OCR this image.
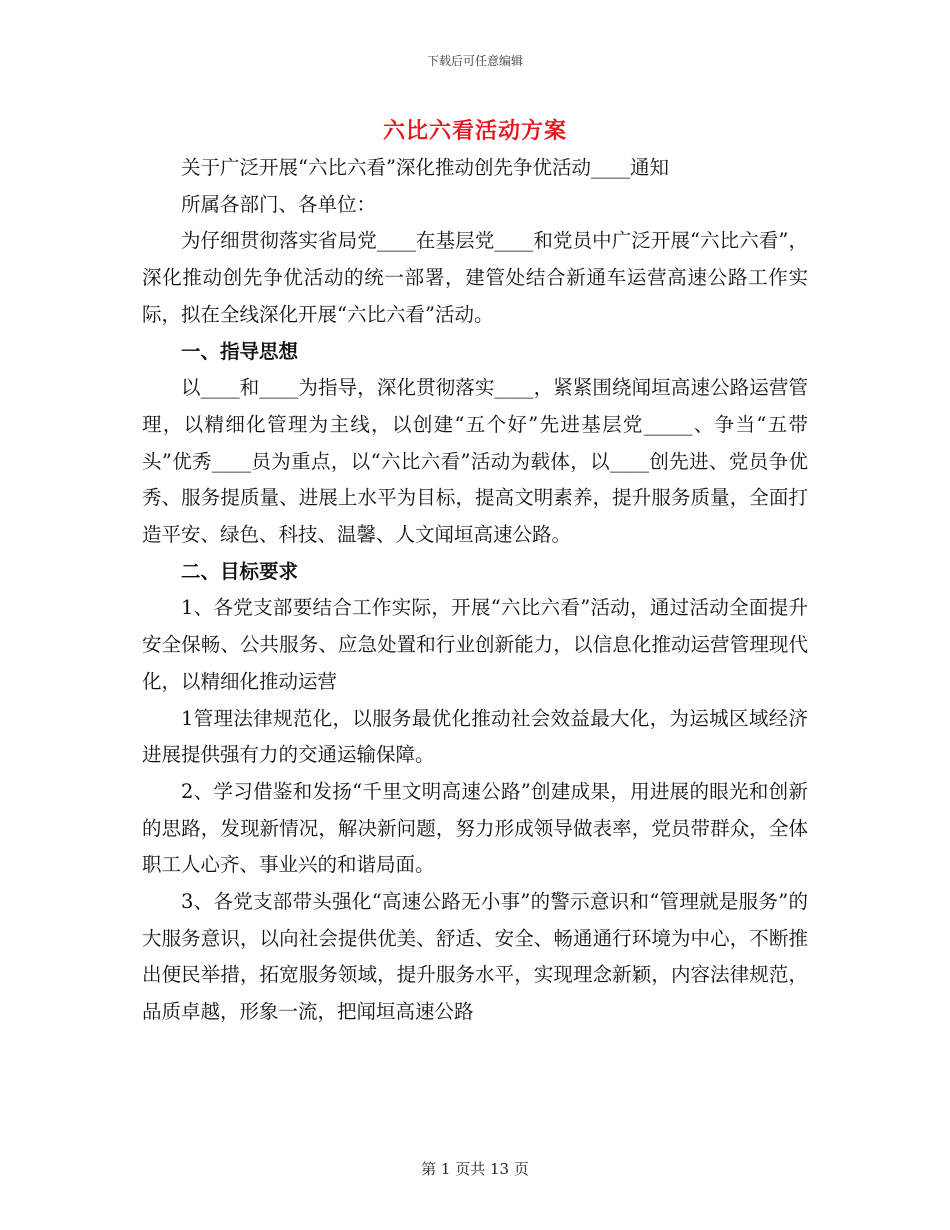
下载后可任意编辑
六比六看活动方案

关于广泛开展“六比六看”深化推动创先争优活动____通知

所属各部门、各单位：

为仔细贯彻落实省局党____在基层党____和党员中广泛开展“六比六看”，深化推动创先争优活动的统一部署，建管处结合新通车运营高速公路工作实际，拟在全线深化开展“六比六看”活动。

一、指导思想

以____和____为指导，深化贯彻落实____，紧紧围绕闻垣高速公路运营管理，以精细化管理为主线，以创建“五个好”先进基层党_____、争当“五带头”优秀____员为重点，以“六比六看”活动为载体，以____创先进、党员争优秀、服务提质量、进展上水平为目标，提高文明素养，提升服务质量，全面打造平安、绿色、科技、温馨、人文闻垣高速公路。

二、目标要求

1、各党支部要结合工作实际，开展“六比六看”活动，通过活动全面提升安全保畅、公共服务、应急处置和行业创新能力，以信息化推动运营管理现代化，以精细化推动运营

1管理法律规范化，以服务最优化推动社会效益最大化，为运城区域经济进展提供强有力的交通运输保障。

2、学习借鉴和发扬“千里文明高速公路”创建成果，用进展的眼光和创新的思路，发现新情况，解决新问题，努力形成领导做表率，党员带群众，全体职工人心齐、事业兴的和谐局面。

3、各党支部带头强化“高速公路无小事”的警示意识和“管理就是服务”的大服务意识，以向社会提供优美、舒适、安全、畅通通行环境为中心，不断推出便民举措，拓宽服务领域，提升服务水平，实现理念新颖，内容法律规范，品质卓越，形象一流，把闻垣高速公路

第 1 页共 13 页
